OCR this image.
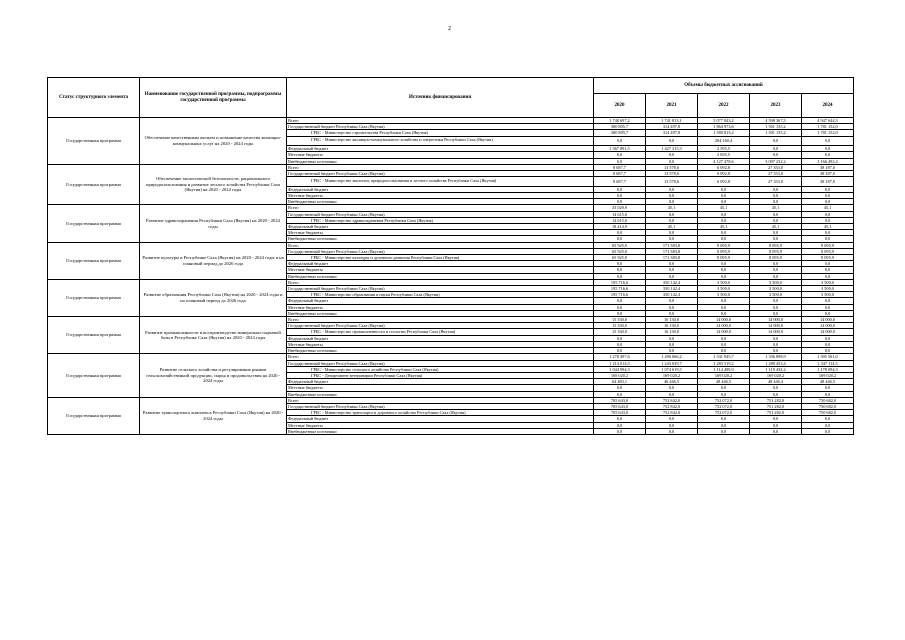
2
Статус структурного элемента	Наименование государственной программы, подпрограммы государственной программы	Источник финансирования	Объемы бюджетных ассигнований				
			2020	2021	2022	2023	2024
Государственная программа	Обеспечение качественным жильем и повышение качества жилищно-коммунальных услуг на 2020 - 2024 годы	Всего	1 748 697,2	1 741 813,1	5 077 843,2	4 598 367,5	4 947 644,3
		Государственный бюджет Республики Саха (Якутия)	380 805,7	314 497,8	1 864 973,6	1 501 135,2	1 781 152,0
		ГРБС - Министерство строительства Республики Саха (Якутия)	380 805,7	314 497,8	1 580 813,2	1 501 135,2	1 781 152,0
		ГРБС - Министерство жилищно-коммунального хозяйства и энергетики Республики Саха (Якутия)	0,0	0,0	284 160,4	0,0	0,0
		Федеральный бюджет	1 367 891,5	1 427 315,3	2 595,5	0,0	0,0
		Местные бюджеты	0,0	0,0	2 695,5	0,0	0,0
		Внебюджетные источники	0,0	0,0	4 127 478,6	3 097 232,2	3 166 492,4
Государственная программа	Обеспечение экологической безопасности, рационального природопользования и развитие лесного хозяйства Республики Саха (Якутия) на 2020 - 2024 годы	Всего	8 687,7	13 578,6	6 092,8	27 353,0	38 187,0
		Государственный бюджет Республики Саха (Якутия)	8 687,7	13 578,6	6 092,8	27 353,0	38 187,0
		ГРБС - Министерство экологии, природопользования и лесного хозяйства Республики Саха (Якутия)	8 687,7	13 578,6	6 092,8	27 353,0	38 187,0
		Федеральный бюджет	0,0	0,0	0,0	0,0	0,0
		Местные бюджеты	0,0	0,0	0,0	0,0	0,0
		Внебюджетные источники	0,0	0,0	0,0	0,0	0,0
Государственная программа	Развитие здравоохранения Республики Саха (Якутия) на 2020 - 2024 годы	Всего	33 029,9	45,1	45,1	45,1	45,1
		Государственный бюджет Республики Саха (Якутия)	14 615,0	0,0	0,0	0,0	0,0
		ГРБС - Министерство здравоохранения Республики Саха (Якутия)	14 615,0	0,0	0,0	0,0	0,0
		Федеральный бюджет	18 414,9	45,1	45,1	45,1	45,1
		Местные бюджеты	0,0	0,0	0,0	0,0	0,0
		Внебюджетные источники	0,0	0,0	0,0	0,0	0,0
Государственная программа	Развитие культуры в Республике Саха (Якутия) на 2020 - 2024 годы и на плановый период до 2026 года	Всего	65 925,0	171 383,8	8 095,9	8 095,9	8 095,9
		Государственный бюджет Республики Саха (Якутия)	65 925,0	171 383,8	8 095,9	8 095,9	8 095,9
		ГРБС - Министерство культуры и духовного развития Республики Саха (Якутия)	65 925,0	171 383,8	8 095,9	8 095,9	8 095,9
		Федеральный бюджет	0,0	0,0	0,0	0,0	0,0
		Местные бюджеты	0,0	0,0	0,0	0,0	0,0
		Внебюджетные источники	0,0	0,0	0,0	0,0	0,0
Государственная программа	Развитие образования Республики Саха (Якутия) на 2020 - 2024 годы и на плановый период до 2026 года	Всего	195 716,6	350 142,4	3 500,0	3 500,0	3 500,0
		Государственный бюджет Республики Саха (Якутия)	195 716,6	350 142,4	3 500,0	3 500,0	3 500,0
		ГРБС - Министерство образования и науки Республики Саха (Якутия)	195 716,6	350 142,4	3 500,0	3 500,0	3 500,0
		Федеральный бюджет	0,0	0,0	0,0	0,0	0,0
		Местные бюджеты	0,0	0,0	0,0	0,0	0,0
		Внебюджетные источники	0,0	0,0	0,0	0,0	0,0
Государственная программа	Развитие промышленности и воспроизводство минерально-сырьевой базы в Республике Саха (Якутия) на 2020 - 2024 годы	Всего	15 330,0	16 130,0	14 000,0	14 000,0	14 000,0
		Государственный бюджет Республики Саха (Якутия)	15 330,0	16 130,0	14 000,0	14 000,0	14 000,0
		ГРБС - Министерство промышленности и геологии Республики Саха (Якутия)	15 330,0	16 130,0	14 000,0	14 000,0	14 000,0
		Федеральный бюджет	0,0	0,0	0,0	0,0	0,0
		Местные бюджеты	0,0	0,0	0,0	0,0	0,0
		Внебюджетные источники	0,0	0,0	0,0	0,0	0,0
Государственная программа	Развитие сельского хозяйства и регулирование рынков сельскохозяйственной продукции, сырья и продовольствия на 2020 - 2024 годы	Всего	1 278 497,6	1 290 066,2	1 331 945,7	1 336 898,9	1 395 561,0
		Государственный бюджет Республики Саха (Якутия)	1 214 014,5	1 243 639,7	1 283 519,2	1 288 453,4	1 347 114,5
		ГРБС - Министерство сельского хозяйства Республики Саха (Якутия)	1 044 994,3	1 074 619,5	1 114 499,0	1 119 433,2	1 178 094,3
		ГРБС - Департамент ветеринарии Республики Саха (Якутия)	169 020,2	169 020,2	169 020,2	169 020,2	169 020,2
		Федеральный бюджет	64 483,1	46 446,5	48 446,5	48 446,4	48 446,5
		Местные бюджеты	0,0	0,0	0,0	0,0	0,0
		Внебюджетные источники	0,0	0,0	0,0	0,0	0,0
Государственная программа	Развитие транспортного комплекса Республики Саха (Якутия) на 2020 - 2024 годы	Всего	705 643,0	752 842,0	752 072,0	751 282,0	750 682,0
		Государственный бюджет Республики Саха (Якутия)	705 643,0	752 842,0	752 072,0	751 282,0	750 682,0
		ГРБС - Министерство транспорта и дорожного хозяйства Республики Саха (Якутия)	705 643,0	752 842,0	752 072,0	751 282,0	750 682,0
		Федеральный бюджет	0,0	0,0	0,0	0,0	0,0
		Местные бюджеты	0,0	0,0	0,0	0,0	0,0
		Внебюджетные источники	0,0	0,0	0,0	0,0	0,0
